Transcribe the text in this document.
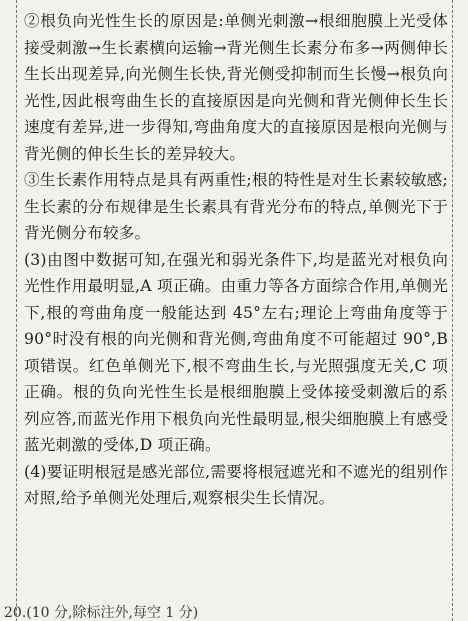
②根负向光性生长的原因是:单侧光刺激→根细胞膜上光受体接受刺激→生长素横向运输→背光侧生长素分布多→两侧伸长生长出现差异,向光侧生长快,背光侧受抑制而生长慢→根负向光性,因此根弯曲生长的直接原因是向光侧和背光侧伸长生长速度有差异,进一步得知,弯曲角度大的直接原因是根向光侧与背光侧的伸长生长的差异较大。

③生长素作用特点是具有两重性;根的特性是对生长素较敏感;生长素的分布规律是生长素具有背光分布的特点,单侧光下于背光侧分布较多。

(3)由图中数据可知,在强光和弱光条件下,均是蓝光对根负向光性作用最明显,A 项正确。由重力等各方面综合作用,单侧光下,根的弯曲角度一般能达到 45°左右;理论上弯曲角度等于 90°时没有根的向光侧和背光侧,弯曲角度不可能超过 90°,B 项错误。红色单侧光下,根不弯曲生长,与光照强度无关,C 项正确。根的负向光性生长是根细胞膜上受体接受刺激后的系列应答,而蓝光作用下根负向光性最明显,根尖细胞膜上有感受蓝光刺激的受体,D 项正确。

(4)要证明根冠是感光部位,需要将根冠遮光和不遮光的组别作对照,给予单侧光处理后,观察根尖生长情况。

20.(10 分,除标注外,每空 1 分)
